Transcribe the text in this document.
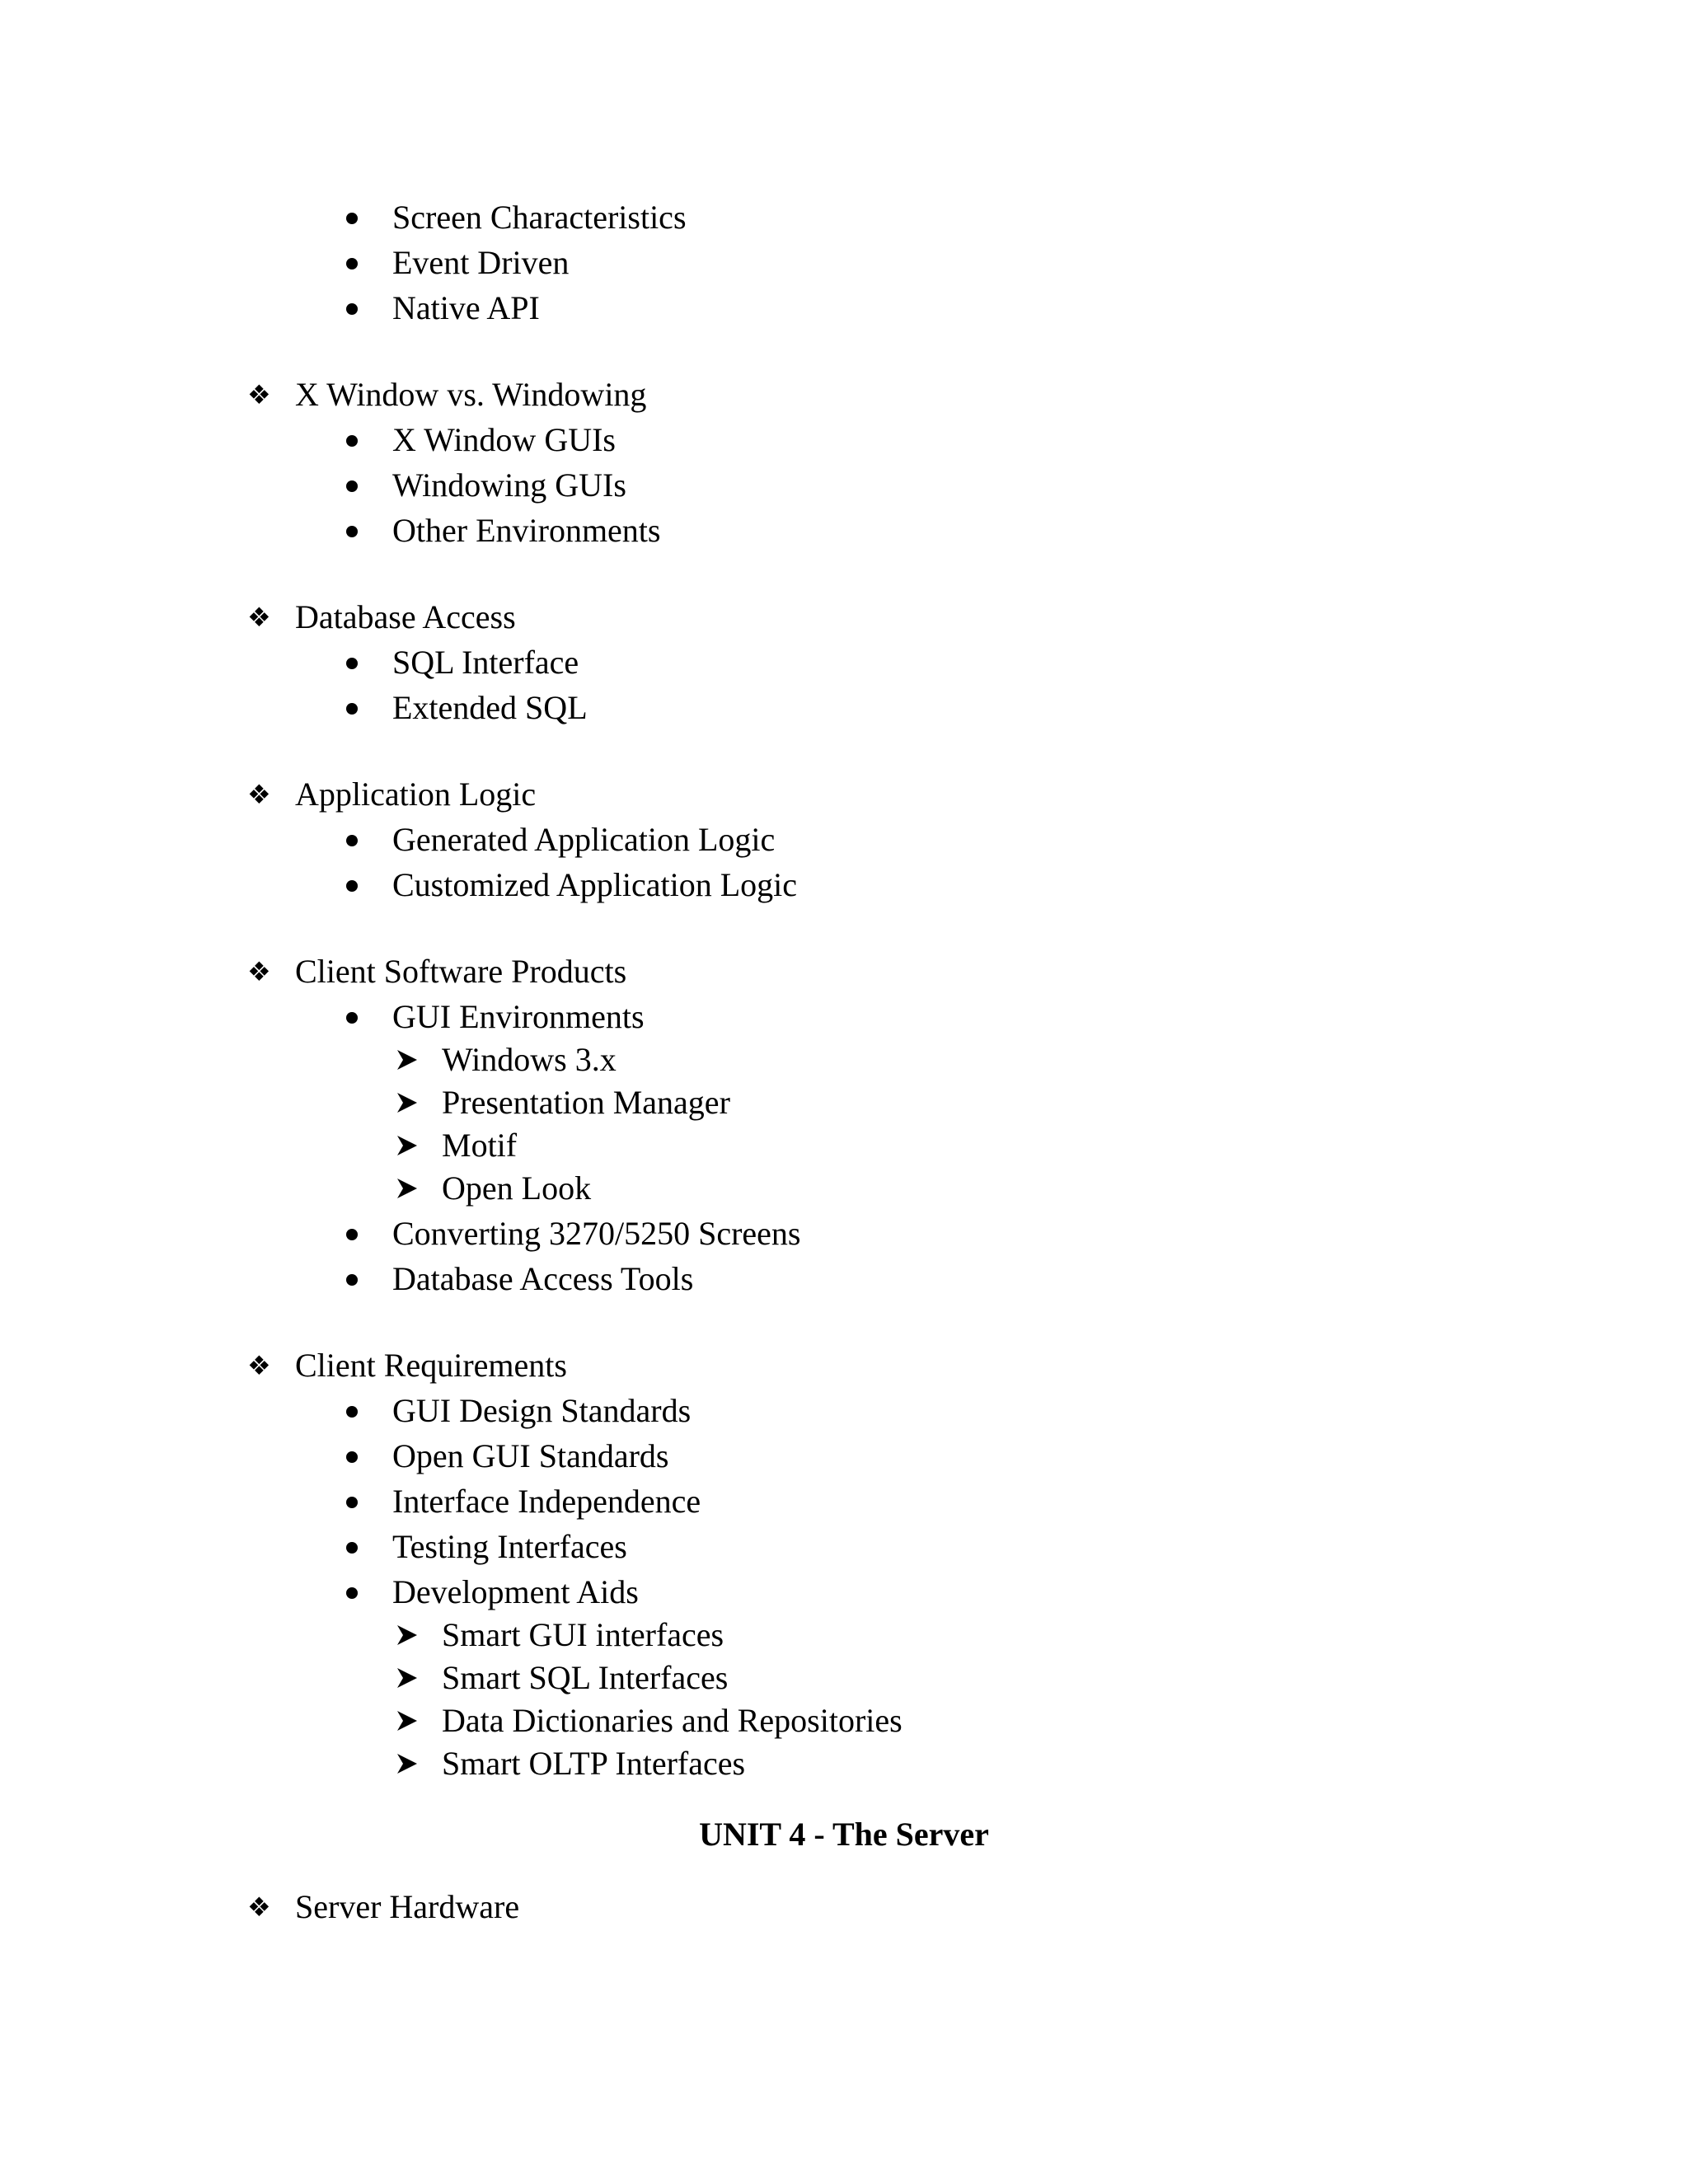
Screen Characteristics
Event Driven
Native API
❖ X Window vs. Windowing
X Window GUIs
Windowing GUIs
Other Environments
❖ Database Access
SQL Interface
Extended SQL
❖ Application Logic
Generated Application Logic
Customized Application Logic
❖ Client Software Products
GUI Environments
Windows 3.x
Presentation Manager
Motif
Open Look
Converting 3270/5250 Screens
Database Access Tools
❖ Client Requirements
GUI Design Standards
Open GUI Standards
Interface Independence
Testing Interfaces
Development Aids
Smart GUI interfaces
Smart SQL Interfaces
Data Dictionaries and Repositories
Smart OLTP Interfaces
UNIT 4 - The Server
❖ Server Hardware
